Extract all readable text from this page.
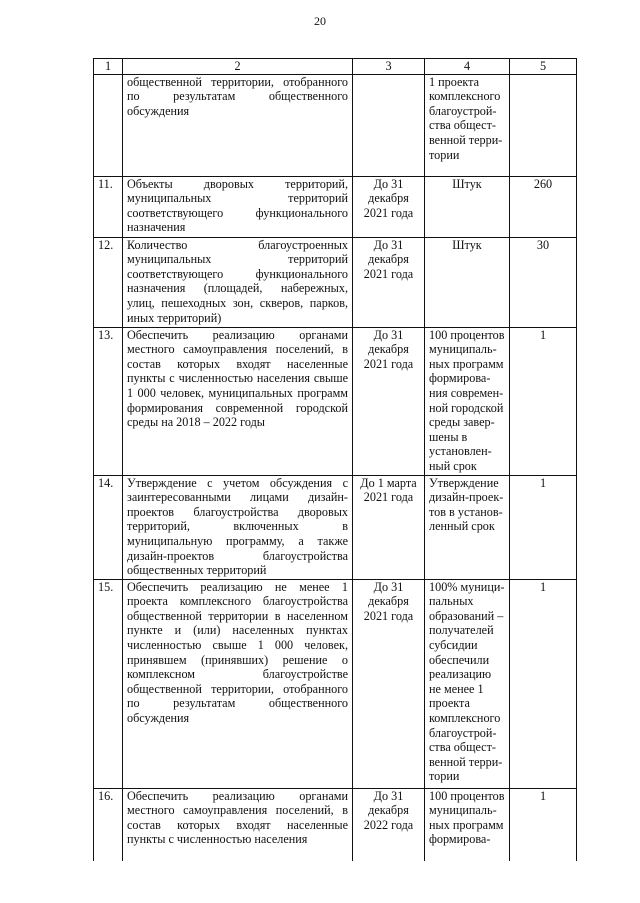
20
1	2	3	4	5
	общественной территории, отобранного по результатам общественного обсуждения		1 проекта комплексного благоустрой-ства общест-венной терри-тории	
11.	Объекты дворовых территорий, муниципальных территорий соответствующего функционального назначения	До 31 декабря 2021 года	Штук	260
12.	Количество благоустроенных муниципальных территорий соответствующего функционального назначения (площадей, набережных, улиц, пешеходных зон, скверов, парков, иных территорий)	До 31 декабря 2021 года	Штук	30
13.	Обеспечить реализацию органами местного самоуправления поселений, в состав которых входят населенные пункты с численностью населения свыше 1 000 человек, муниципальных программ формирования современной городской среды на 2018 – 2022 годы	До 31 декабря 2021 года	100 процентов муниципаль-ных программ формирова-ния современ-ной городской среды завер-шены в установлен-ный срок	1
14.	Утверждение с учетом обсуждения с заинтересованными лицами дизайн-проектов благоустройства дворовых территорий, включенных в муниципальную программу, а также дизайн-проектов благоустройства общественных территорий	До 1 марта 2021 года	Утверждение дизайн-проек-тов в установ-ленный срок	1
15.	Обеспечить реализацию не менее 1 проекта комплексного благоустройства общественной территории в населенном пункте и (или) населенных пунктах численностью свыше 1 000 человек, принявшем (принявших) решение о комплексном благоустройстве общественной территории, отобранного по результатам общественного обсуждения	До 31 декабря 2021 года	100% муници-пальных образований – получателей субсидии обеспечили реализацию не менее 1 проекта комплексного благоустрой-ства общест-венной терри-тории	1
16.	Обеспечить реализацию органами местного самоуправления поселений, в состав которых входят населенные пункты с численностью населения	До 31 декабря 2022 года	100 процентов муниципаль-ных программ формирова-	1
